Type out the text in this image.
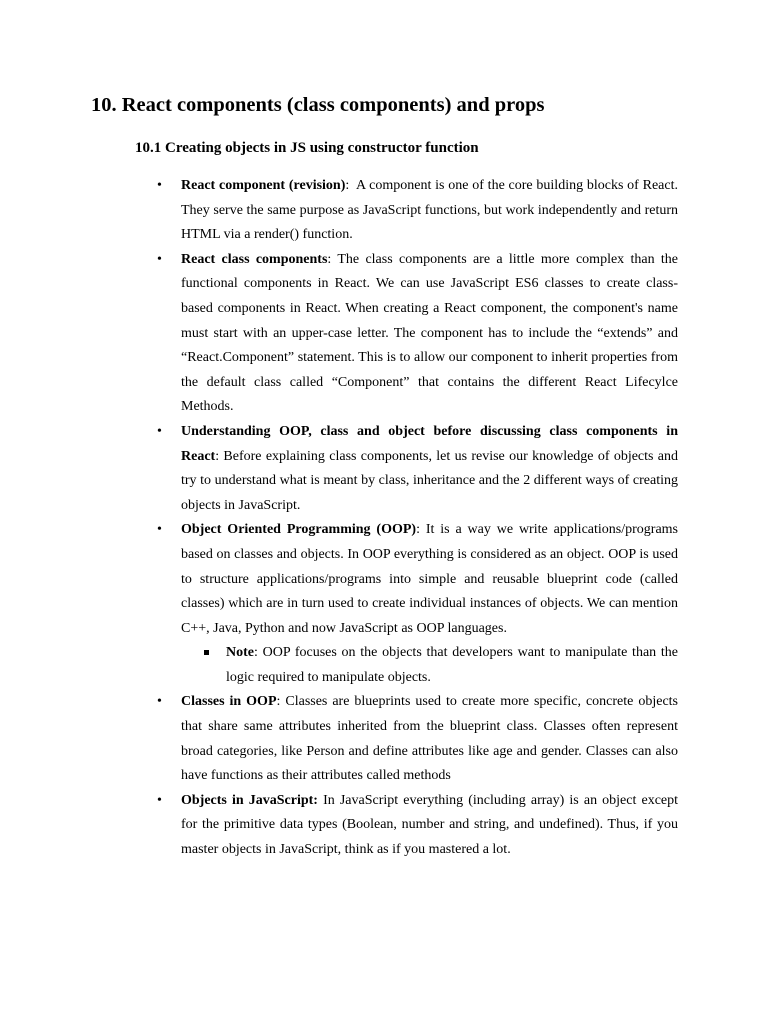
10. React components (class components) and props
10.1 Creating objects in JS using constructor function
• React component (revision):  A component is one of the core building blocks of React. They serve the same purpose as JavaScript functions, but work independently and return HTML via a render() function.
• React class components: The class components are a little more complex than the functional components in React. We can use JavaScript ES6 classes to create class-based components in React. When creating a React component, the component's name must start with an upper-case letter. The component has to include the “extends” and “React.Component” statement. This is to allow our component to inherit properties from the default class called “Component” that contains the different React Lifecylce Methods.
• Understanding OOP, class and object before discussing class components in React: Before explaining class components, let us revise our knowledge of objects and try to understand what is meant by class, inheritance and the 2 different ways of creating objects in JavaScript.
• Object Oriented Programming (OOP): It is a way we write applications/programs based on classes and objects. In OOP everything is considered as an object. OOP is used to structure applications/programs into simple and reusable blueprint code (called classes) which are in turn used to create individual instances of objects. We can mention C++, Java, Python and now JavaScript as OOP languages.
Note: OOP focuses on the objects that developers want to manipulate than the logic required to manipulate objects.
• Classes in OOP: Classes are blueprints used to create more specific, concrete objects that share same attributes inherited from the blueprint class. Classes often represent broad categories, like Person and define attributes like age and gender. Classes can also have functions as their attributes called methods
• Objects in JavaScript: In JavaScript everything (including array) is an object except for the primitive data types (Boolean, number and string, and undefined). Thus, if you master objects in JavaScript, think as if you mastered a lot.
